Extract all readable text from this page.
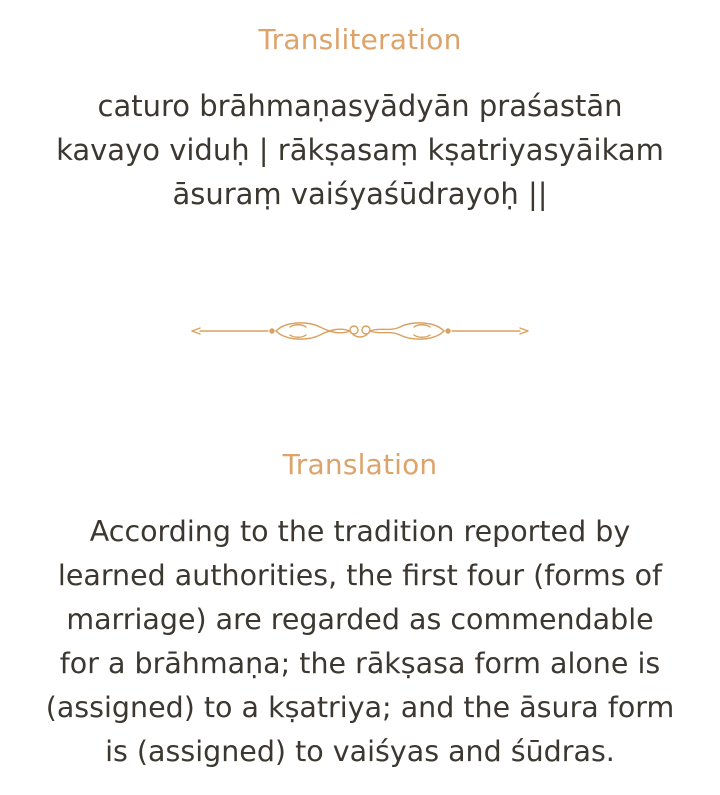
Transliteration

caturo brāhmaṇasyādyān praśastān
kavayo viduḥ | rākṣasaṃ kṣatriyasyāikam
āsuraṃ vaiśyaśūdrayoḥ ||

Translation

According to the tradition reported by
learned authorities, the first four (forms of
marriage) are regarded as commendable
for a brāhmaṇa; the rākṣasa form alone is
(assigned) to a kṣatriya; and the āsura form
is (assigned) to vaiśyas and śūdras.
